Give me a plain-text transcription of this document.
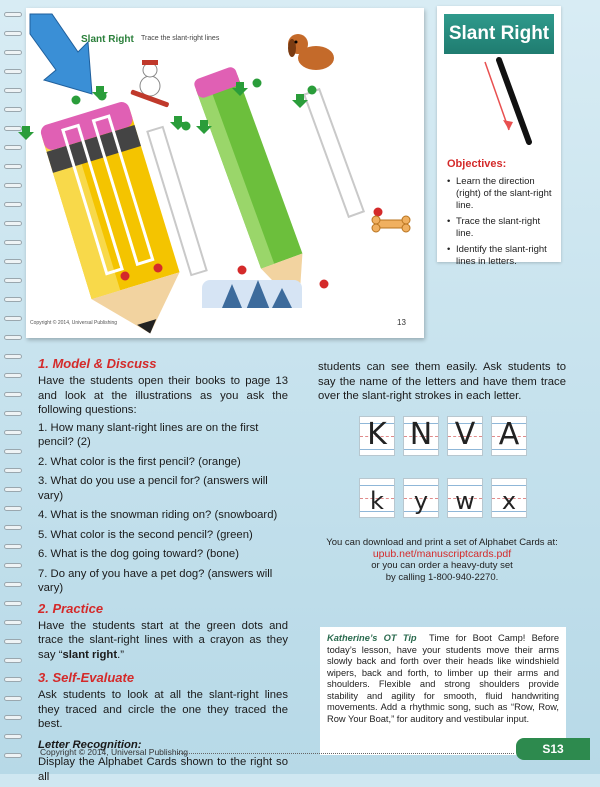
Slant Right Trace the slant-right lines
Copyright © 2014, Universal Publishing	13
Slant Right
Objectives:
• Learn the direction (right) of the slant-right line.
• Trace the slant-right line.
• Identify the slant-right lines in letters.
1. Model & Discuss
Have the students open their books to page 13 and look at the illustrations as you ask the following questions:
1. How many slant-right lines are on the first pencil? (2)
2. What color is the first pencil? (orange)
3. What do you use a pencil for? (answers will vary)
4. What is the snowman riding on? (snowboard)
5. What color is the second pencil? (green)
6. What is the dog going toward? (bone)
7. Do any of you have a pet dog? (answers will vary)
2. Practice
Have the students start at the green dots and trace the slant-right lines with a crayon as they say “slant right.”
3. Self-Evaluate
Ask students to look at all the slant-right lines they traced and circle the one they traced the best.
Letter Recognition:
Display the Alphabet Cards shown to the right so all
students can see them easily. Ask students to say the name of the letters and have them trace over the slant-right strokes in each letter.
K N V A
k	y	w	x
You can download and print a set of Alphabet Cards at:
upub.net/manuscriptcards.pdf
or you can order a heavy-duty set
by calling 1-800-940-2270.
Katherine’s OT Tip Time for Boot Camp! Before today’s lesson, have your students move their arms slowly back and forth over their heads like windshield wipers, back and forth, to limber up their arms and shoulders. Flexible and strong shoulders provide stability and agility for smooth, fluid handwriting movements. Add a rhythmic song, such as “Row, Row, Row Your Boat,” for auditory and vestibular input.
Copyright © 2014, Universal Publishing	S13
